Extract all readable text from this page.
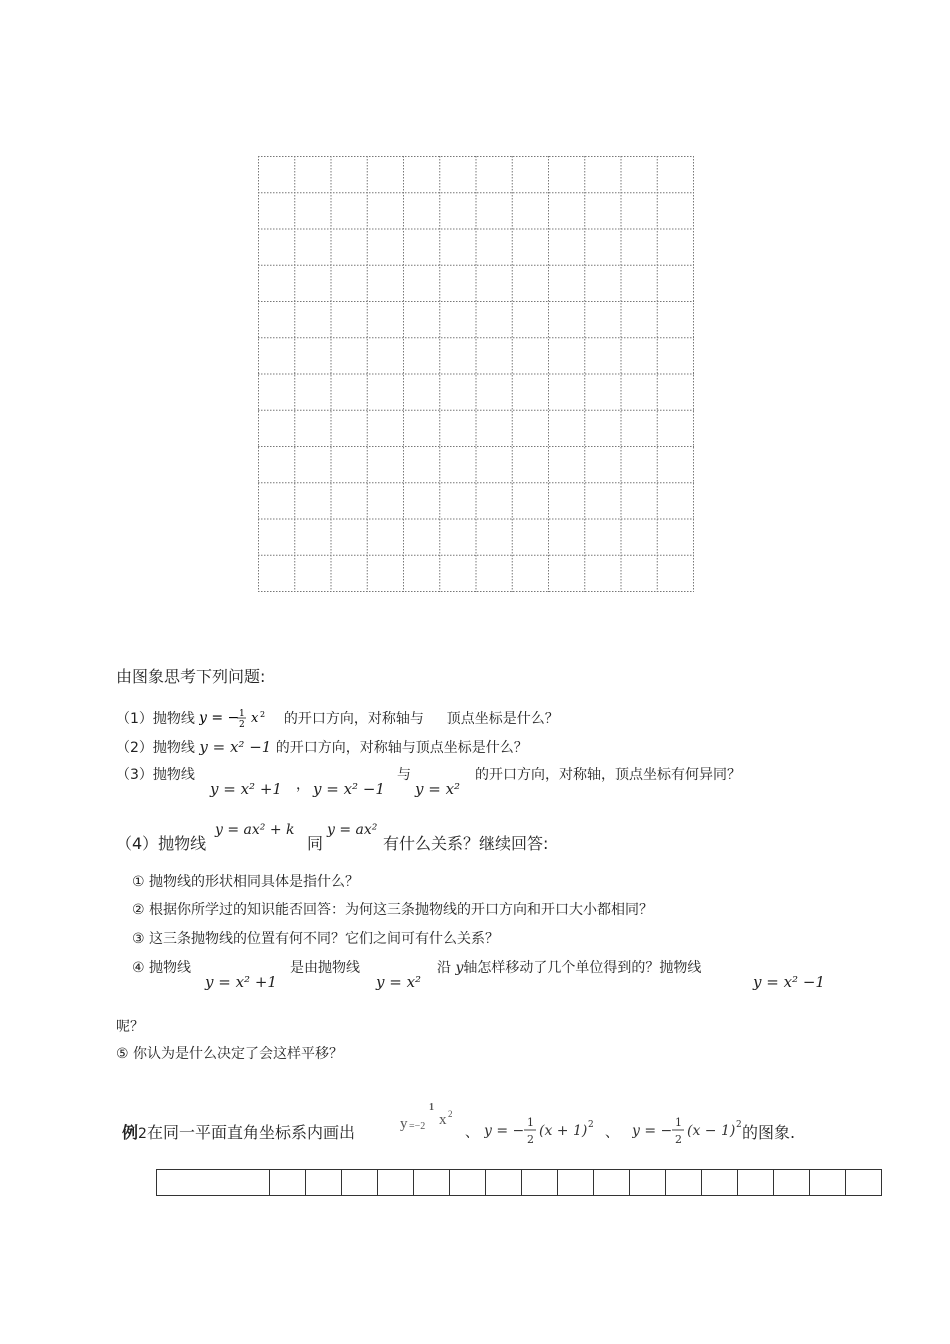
由图象思考下列问题:
（1）抛物线 y = − 1
2 x 2 的开口方向，对称轴与 顶点坐标是什么？
（2）抛物线 y = x² −1 的开口方向，对称轴与顶点坐标是什么？
（3）抛物线
y = x² +1 ， y = x² −1
与
y = x²
的开口方向，对称轴，顶点坐标有何异同？
（4）抛物线
y = ax² + k
同
y = ax²
有什么关系？继续回答:
① 抛物线的形状相同具体是指什么？
② 根据你所学过的知识能否回答：为何这三条抛物线的开口方向和开口大小都相同？
③ 这三条抛物线的位置有何不同？它们之间可有什么关系？
④ 抛物线
y = x² +1
是由抛物线
y = x²
沿 y轴怎样移动了几个单位得到的？抛物线
y = x² −1
呢？
⑤ 你认为是什么决定了会这样平移？
例2在同一平面直角坐标系内画出	y =−2
1
x 2
、 y = −
1
2
(x + 1) 2 、 y = −
1
2
(x − 1) 2 的图象.
